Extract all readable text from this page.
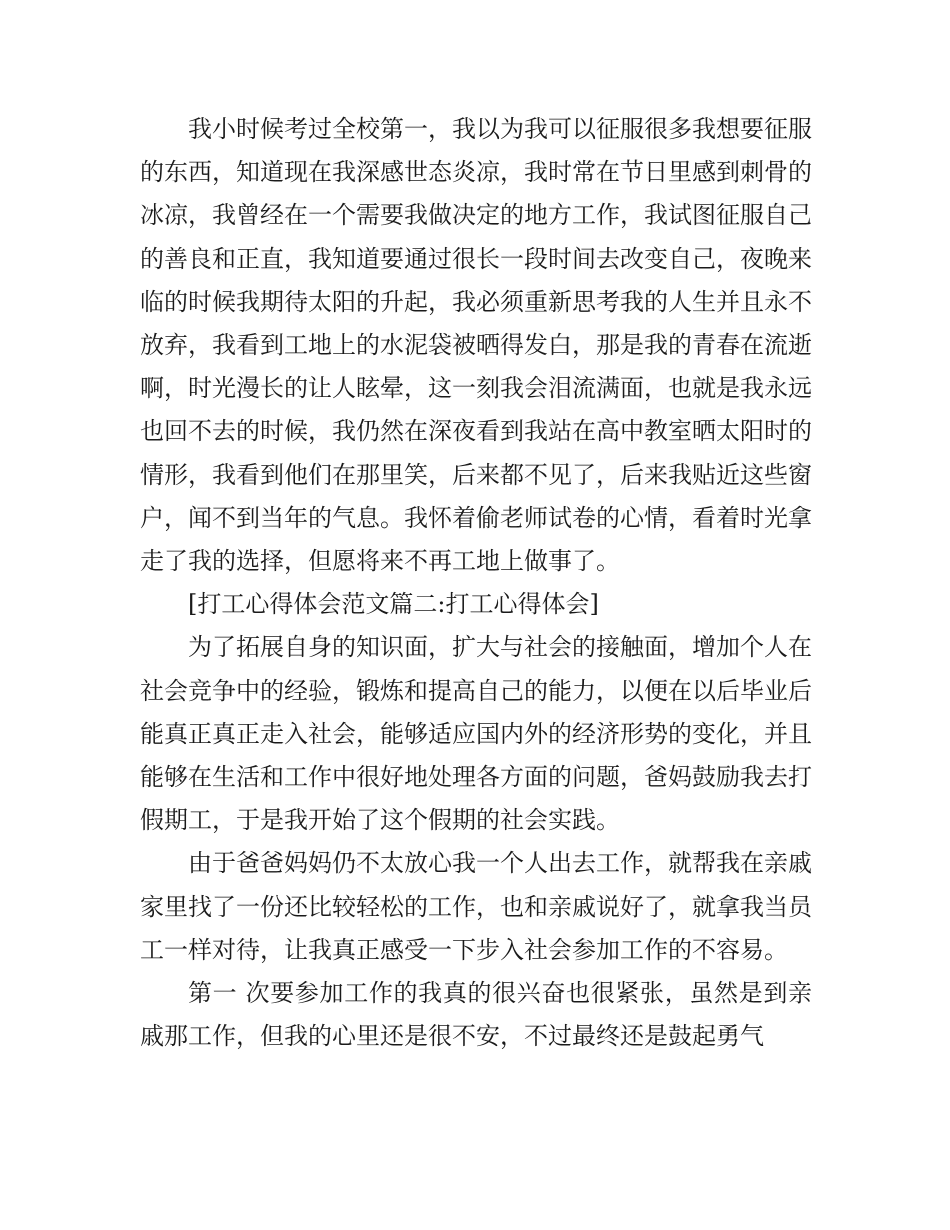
我小时候考过全校第一，我以为我可以征服很多我想要征服的东西，知道现在我深感世态炎凉，我时常在节日里感到刺骨的冰凉，我曾经在一个需要我做决定的地方工作，我试图征服自己的善良和正直，我知道要通过很长一段时间去改变自己，夜晚来临的时候我期待太阳的升起，我必须重新思考我的人生并且永不放弃，我看到工地上的水泥袋被晒得发白，那是我的青春在流逝啊，时光漫长的让人眩晕，这一刻我会泪流满面，也就是我永远也回不去的时候，我仍然在深夜看到我站在高中教室晒太阳时的情形，我看到他们在那里笑，后来都不见了，后来我贴近这些窗户，闻不到当年的气息。我怀着偷老师试卷的心情，看着时光拿走了我的选择，但愿将来不再工地上做事了。

[打工心得体会范文篇二:打工心得体会]

为了拓展自身的知识面，扩大与社会的接触面，增加个人在社会竞争中的经验，锻炼和提高自己的能力，以便在以后毕业后能真正真正走入社会，能够适应国内外的经济形势的变化，并且能够在生活和工作中很好地处理各方面的问题，爸妈鼓励我去打假期工，于是我开始了这个假期的社会实践。

由于爸爸妈妈仍不太放心我一个人出去工作，就帮我在亲戚家里找了一份还比较轻松的工作，也和亲戚说好了，就拿我当员工一样对待，让我真正感受一下步入社会参加工作的不容易。

第一 次要参加工作的我真的很兴奋也很紧张，虽然是到亲戚那工作，但我的心里还是很不安，不过最终还是鼓起勇气
